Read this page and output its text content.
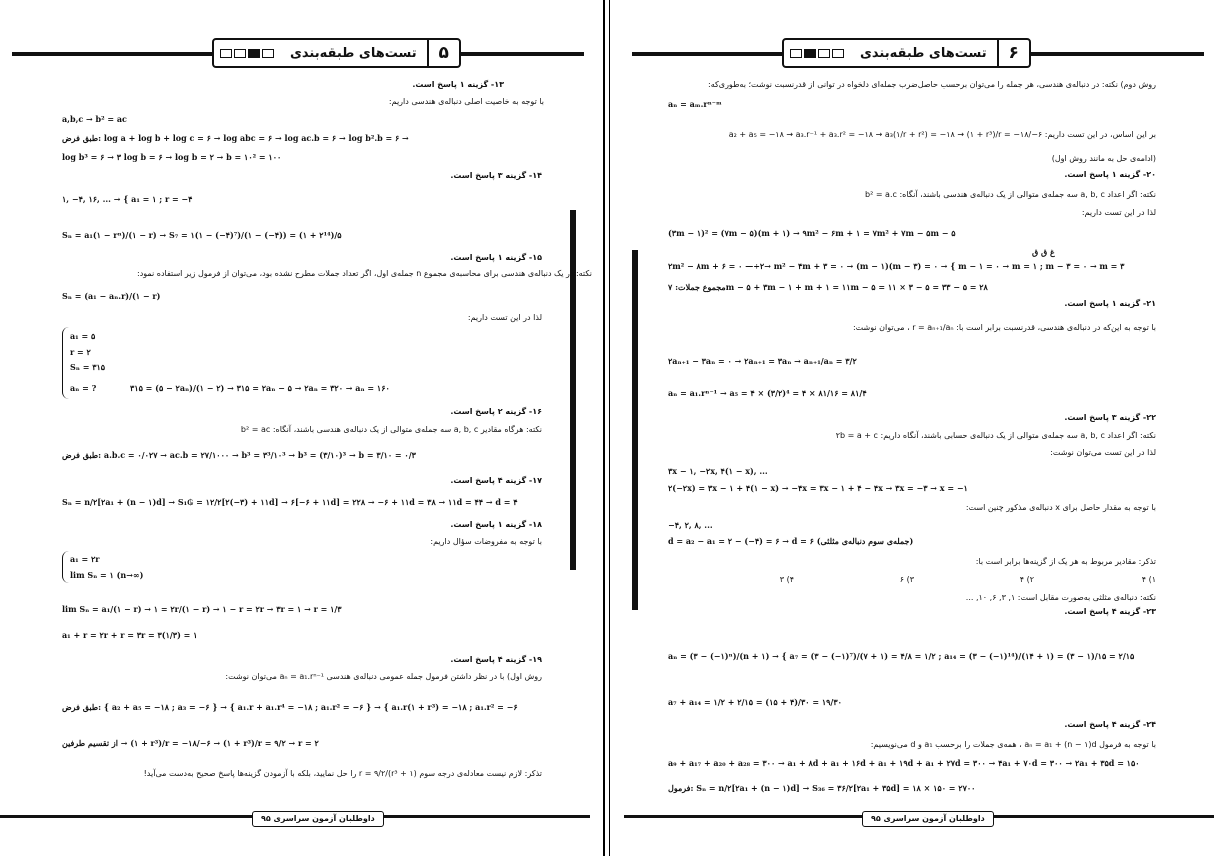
۵
تست‌های طبقه‌بندی
۱۳- گزینه ۱ پاسخ است.
با توجه به خاصیت اصلی دنباله‌ی هندسی داریم:
a,b,c → b² = ac
طبق فرض: log a + log b + log c = ۶ → log abc = ۶ → log ac.b = ۶ → log b².b = ۶ →
log b³ = ۶ → ۳ log b = ۶ → log b = ۲ → b = ۱۰² = ۱۰۰
۱۴- گزینه ۳ پاسخ است.
۱, −۴, ۱۶, ... → { a₁ = ۱ ; r = −۴
Sₙ = a₁(۱ − rⁿ)/(۱ − r) → S₇ = ۱(۱ − (−۴)⁷)/(۱ − (−۴)) = (۱ + ۲¹⁴)/۵
۱۵- گزینه ۱ پاسخ است.
نکته: در یک دنباله‌ی هندسی برای محاسبه‌ی مجموع n جمله‌ی اول، اگر تعداد جملات مطرح نشده بود، می‌توان از فرمول زیر استفاده نمود:
Sₙ = (a₁ − aₙ.r)/(۱ − r)
لذا در این تست داریم:
a₁ = ۵
r = ۲
Sₙ = ۳۱۵
aₙ = ?	۳۱۵ = (۵ − ۲aₙ)/(۱ − ۲) → ۳۱۵ = ۲aₙ − ۵ → ۲aₙ = ۳۲۰ → aₙ = ۱۶۰
۱۶- گزینه ۲ پاسخ است.
نکته: هرگاه مقادیر a, b, c سه جمله‌ی متوالی از یک دنباله‌ی هندسی باشند، آنگاه: b² = ac
طبق فرض: a.b.c = ۰/۰۲۷ → ac.b = ۲۷/۱۰۰۰ → b³ = ۳³/۱۰³ → b³ = (۳/۱۰)³ → b = ۳/۱۰ = ۰/۳
۱۷- گزینه ۴ پاسخ است.
Sₙ = n/۲[۲a₁ + (n − ۱)d] → S₁₲ = ۱۲/۲[۲(−۳) + ۱۱d] → ۶[−۶ + ۱۱d] = ۲۲۸ → −۶ + ۱۱d = ۳۸ → ۱۱d = ۴۴ → d = ۴
۱۸- گزینه ۱ پاسخ است.
با توجه به مفروضات سؤال داریم:
a₁ = ۲r
lim Sₙ = ۱ (n→∞)
lim Sₙ = a₁/(۱ − r) → ۱ = ۲r/(۱ − r) → ۱ − r = ۲r → ۳r = ۱ → r = ۱/۳
a₁ + r = ۲r + r = ۳r = ۳(۱/۳) = ۱
۱۹- گزینه ۴ پاسخ است.
روش اول) با در نظر داشتن فرمول جمله عمومی دنباله‌ی هندسی aₙ = a₁.rⁿ⁻¹ می‌توان نوشت:
طبق فرض: { a₂ + a₅ = −۱۸ ; a₃ = −۶ } → { a₁.r + a₁.r⁴ = −۱۸ ; a₁.r² = −۶ } → { a₁.r(۱ + r³) = −۱۸ ; a₁.r² = −۶
از تقسیم طرفین → (۱ + r³)/r = −۱۸/−۶ → (۱ + r³)/r = ۹/۲ → r = ۲
تذکر: لازم نیست معادله‌ی درجه سوم (۱ + r³)/r = ۹/۲ را حل نمایید، بلکه با آزمودن گزینه‌ها پاسخ صحیح به‌دست می‌آید!
داوطلبان آزمون سراسری ۹۵
۶
تست‌های طبقه‌بندی
روش دوم) نکته: در دنباله‌ی هندسی، هر جمله را می‌توان برحسب حاصل‌ضرب جمله‌ای دلخواه در توانی از قدرنسبت نوشت؛ به‌طوری‌که:
aₙ = aₘ.rⁿ⁻ᵐ
بر این اساس، در این تست داریم: a₂ + a₅ = −۱۸ → a₃.r⁻¹ + a₃.r² = −۱۸ → a₃(۱/r + r²) = −۱۸ → (۱ + r³)/r = −۱۸/−۶
(ادامه‌ی حل به مانند روش اول)
۲۰- گزینه ۱ پاسخ است.
نکته: اگر اعداد a, b, c سه جمله‌ی متوالی از یک دنباله‌ی هندسی باشند، آنگاه: b² = a.c
لذا در این تست داریم:
(۳m − ۱)² = (۷m − ۵)(m + ۱) → ۹m² − ۶m + ۱ = ۷m² + ۷m − ۵m − ۵
غ ق ق
۲m² − ۸m + ۶ = ۰ —÷۲→ m² − ۴m + ۳ = ۰ → (m − ۱)(m − ۳) = ۰ → { m − ۱ = ۰ → m = ۱ ; m − ۳ = ۰ → m = ۳
مجموع جملات: ۷m − ۵ + ۳m − ۱ + m + ۱ = ۱۱m − ۵ = ۱۱ × ۳ − ۵ = ۳۳ − ۵ = ۲۸
۲۱- گزینه ۱ پاسخ است.
با توجه به این‌که در دنباله‌ی هندسی، قدرنسبت برابر است با: r = aₙ₊₁/aₙ ، می‌توان نوشت:
۲aₙ₊₁ − ۳aₙ = ۰ → ۲aₙ₊₁ = ۳aₙ → aₙ₊₁/aₙ = ۳/۲
aₙ = a₁.rⁿ⁻¹ → a₅ = ۴ × (۳/۲)⁴ = ۴ × ۸۱/۱۶ = ۸۱/۴
۲۲- گزینه ۳ پاسخ است.
نکته: اگر اعداد a, b, c سه جمله‌ی متوالی از یک دنباله‌ی حسابی باشند، آنگاه داریم: ۲b = a + c
لذا در این تست می‌توان نوشت:
۳x − ۱, −۲x, ۴(۱ − x), ...
۲(−۲x) = ۳x − ۱ + ۴(۱ − x) → −۴x = ۳x − ۱ + ۴ − ۴x → ۳x = −۳ → x = −۱
با توجه به مقدار حاصل برای x دنباله‌ی مذکور چنین است:
−۴, ۲, ۸, ...
d = a₂ − a₁ = ۲ − (−۴) = ۶ → d = ۶ (جمله‌ی سوم دنباله‌ی مثلثی)
تذکر: مقادیر مربوط به هر یک از گزینه‌ها برابر است با:
۱) ۴
۲) ۴
۳) ۶
۴) ۳
نکته: دنباله‌ی مثلثی به‌صورت مقابل است: ۱, ۳, ۶, ۱۰, ...
۲۳- گزینه ۴ پاسخ است.
aₙ = (۳ − (−۱)ⁿ)/(n + ۱) → { a₇ = (۳ − (−۱)⁷)/(۷ + ۱) = ۴/۸ = ۱/۲ ; a₁₄ = (۳ − (−۱)¹⁴)/(۱۴ + ۱) = (۳ − ۱)/۱۵ = ۲/۱۵
a₇ + a₁₄ = ۱/۲ + ۲/۱۵ = (۱۵ + ۴)/۳۰ = ۱۹/۳۰
۲۴- گزینه ۴ پاسخ است.
با توجه به فرمول aₙ = a₁ + (n − ۱)d ، همه‌ی جملات را برحسب a₁ و d می‌نویسیم:
a₉ + a₁₇ + a₂₀ + a₂₈ = ۳۰۰ → a₁ + ۸d + a₁ + ۱۶d + a₁ + ۱۹d + a₁ + ۲۷d = ۳۰۰ → ۴a₁ + ۷۰d = ۳۰۰ → ۲a₁ + ۳۵d = ۱۵۰
فرمول: Sₙ = n/۲[۲a₁ + (n − ۱)d] → S₃₆ = ۳۶/۲[۲a₁ + ۳۵d] = ۱۸ × ۱۵۰ = ۲۷۰۰
داوطلبان آزمون سراسری ۹۵
